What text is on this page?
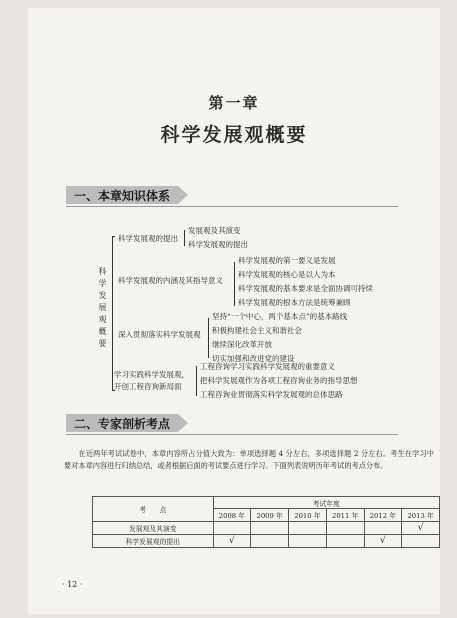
第一章
科学发展观概要
一、本章知识体系
科学发展观概要
科学发展观的提出
发展观及其演变
科学发展观的提出
科学发展观的内涵及其指导意义
科学发展观的第一要义是发展
科学发展观的核心是以人为本
科学发展观的基本要求是全面协调可持续
科学发展观的根本方法是统筹兼顾
深入贯彻落实科学发展观
坚持“一个中心，两个基本点”的基本路线
积极构建社会主义和谐社会
继续深化改革开放
切实加强和改进党的建设
学习实践科学发展观，
开创工程咨询新局面
工程咨询学习实践科学发展观的重要意义
把科学发展观作为各项工程咨询业务的指导思想
工程咨询业贯彻落实科学发展观的总体思路
二、专家剖析考点
在近两年考试试卷中，本章内容所占分值大致为：单项选择题 4 分左右，多项选择题 2 分左右。考生在学习中要对本章内容进行归纳总结，或者根据后面的考试要点进行学习。下面列表说明历年考试的考点分布。
考　　点	考试年度					
	2008 年	2009 年	2010 年	2011 年	2012 年	2013 年
发展观及其演变						√
科学发展观的提出	√				√	
· 12 ·
